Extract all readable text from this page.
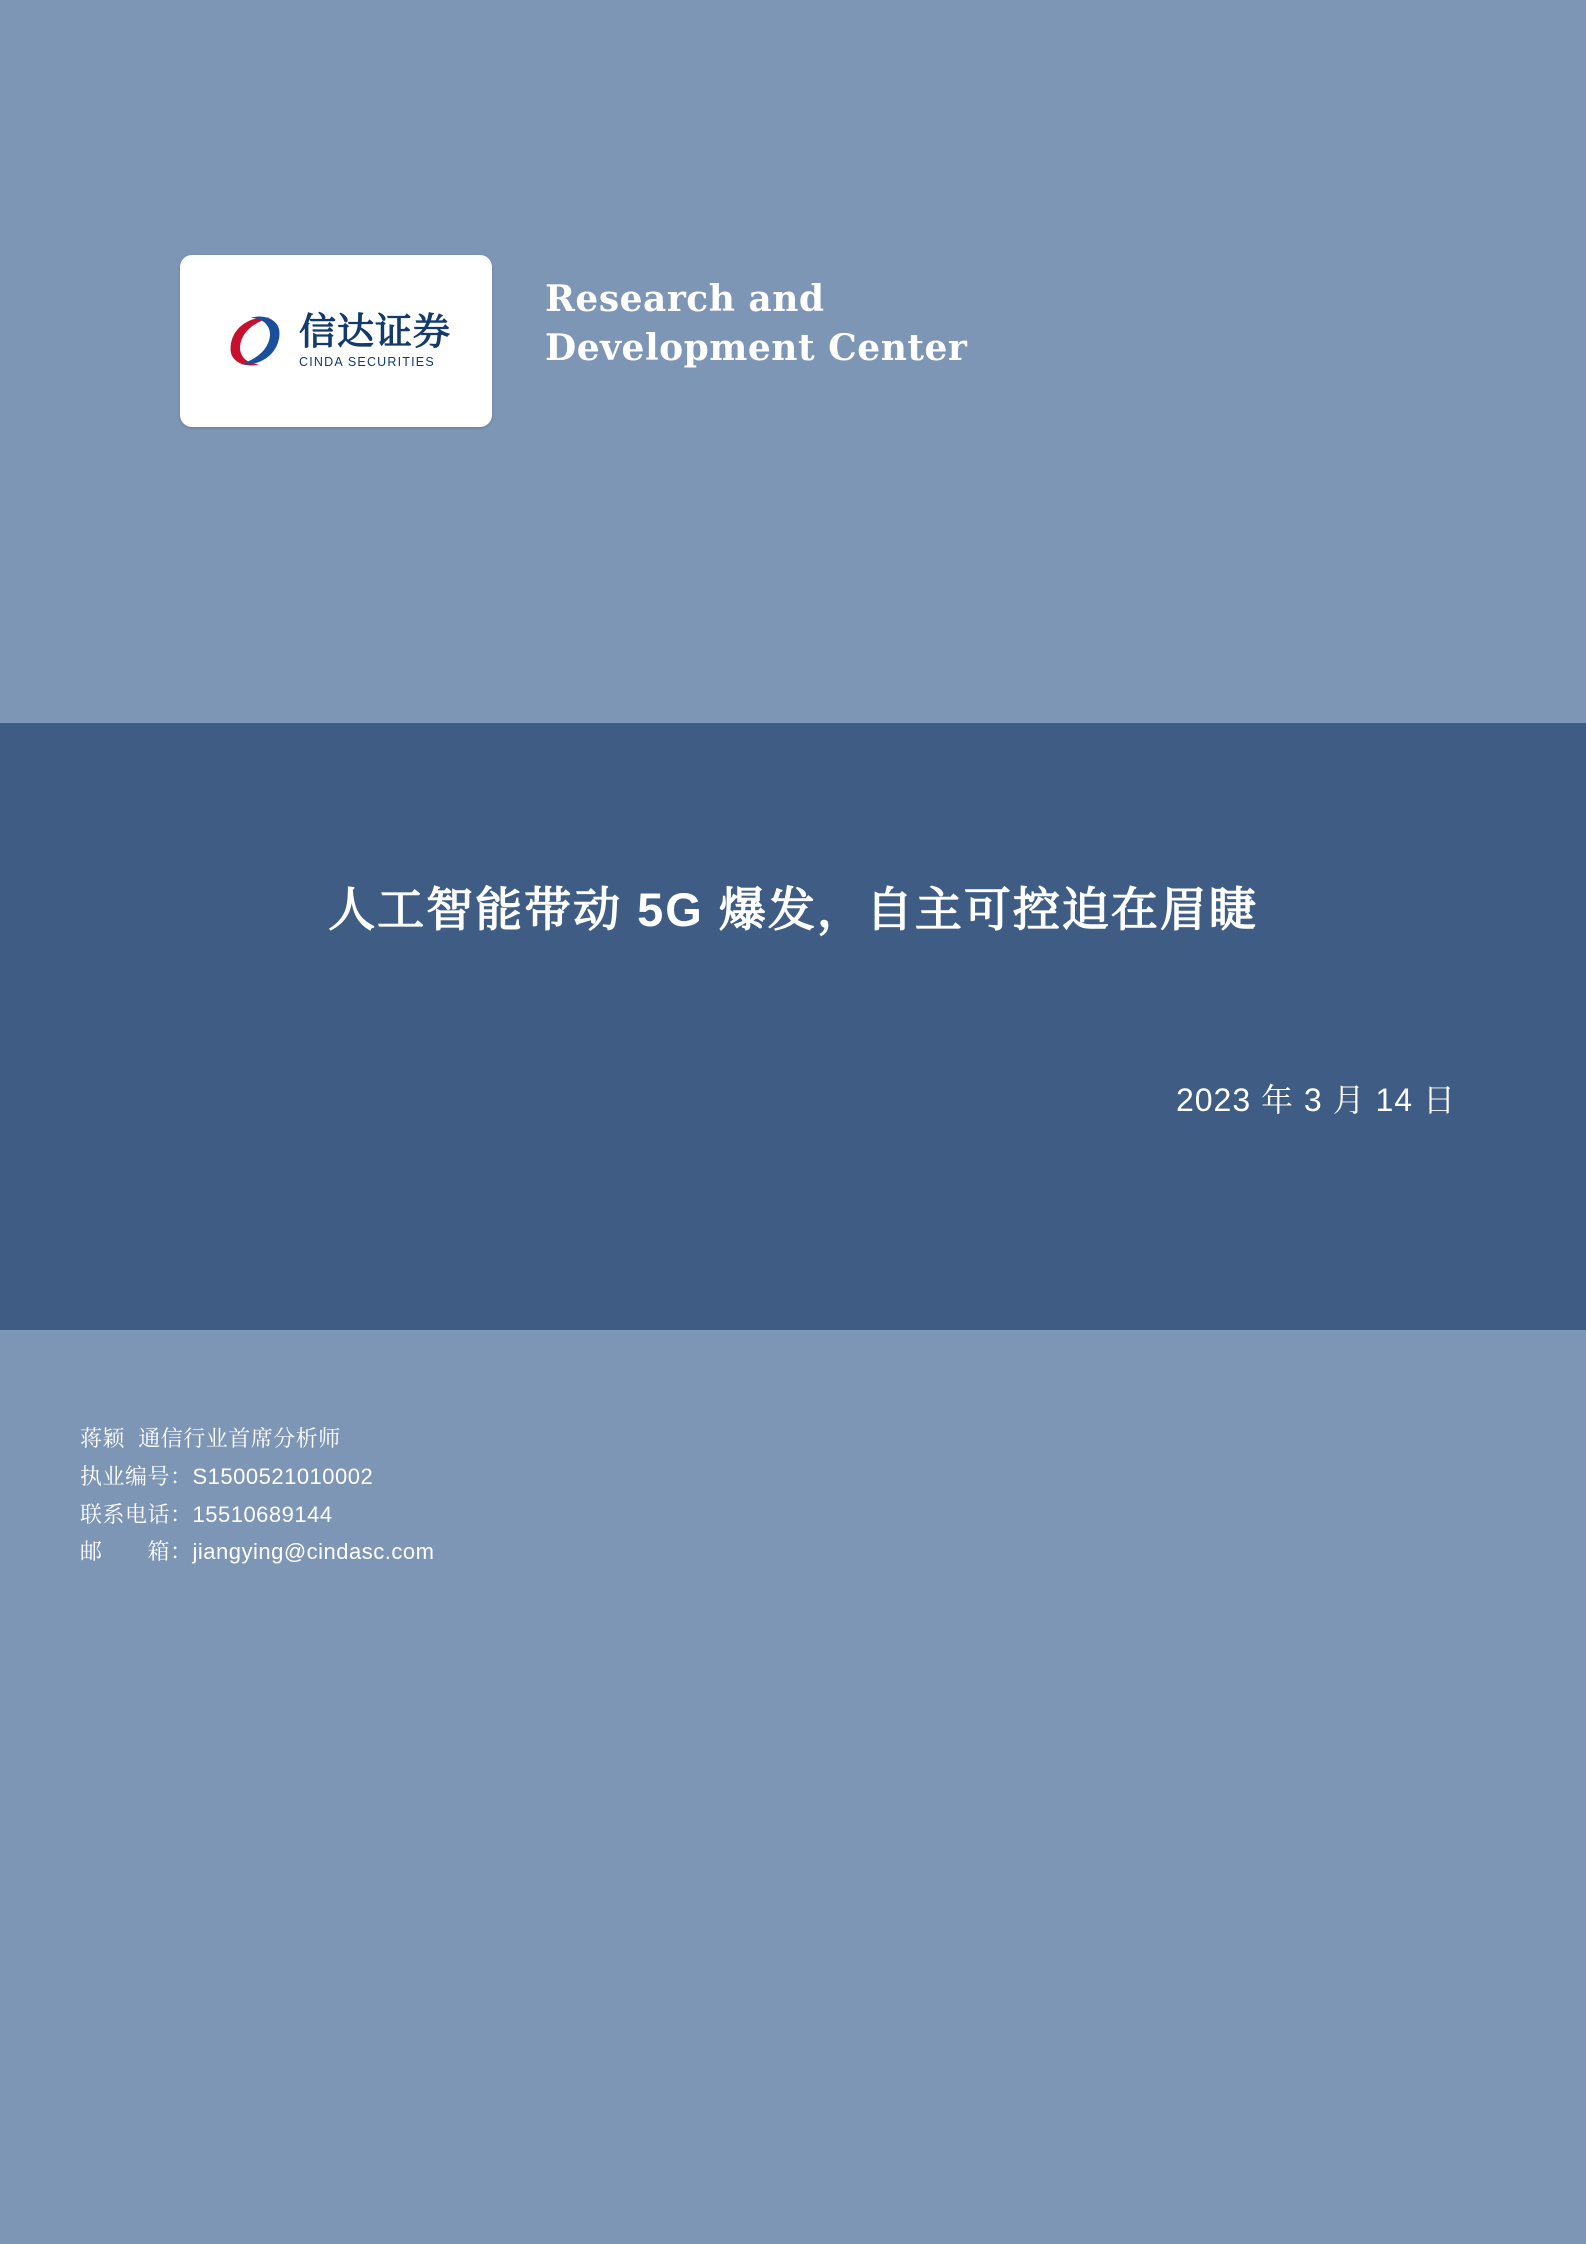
信达证券
CINDA SECURITIES
Research and
Development Center
人工智能带动 5G 爆发，自主可控迫在眉睫
2023 年 3 月 14 日
蒋颖  通信行业首席分析师
执业编号：S1500521010002
联系电话：15510689144
邮　　箱：jiangying@cindasc.com
